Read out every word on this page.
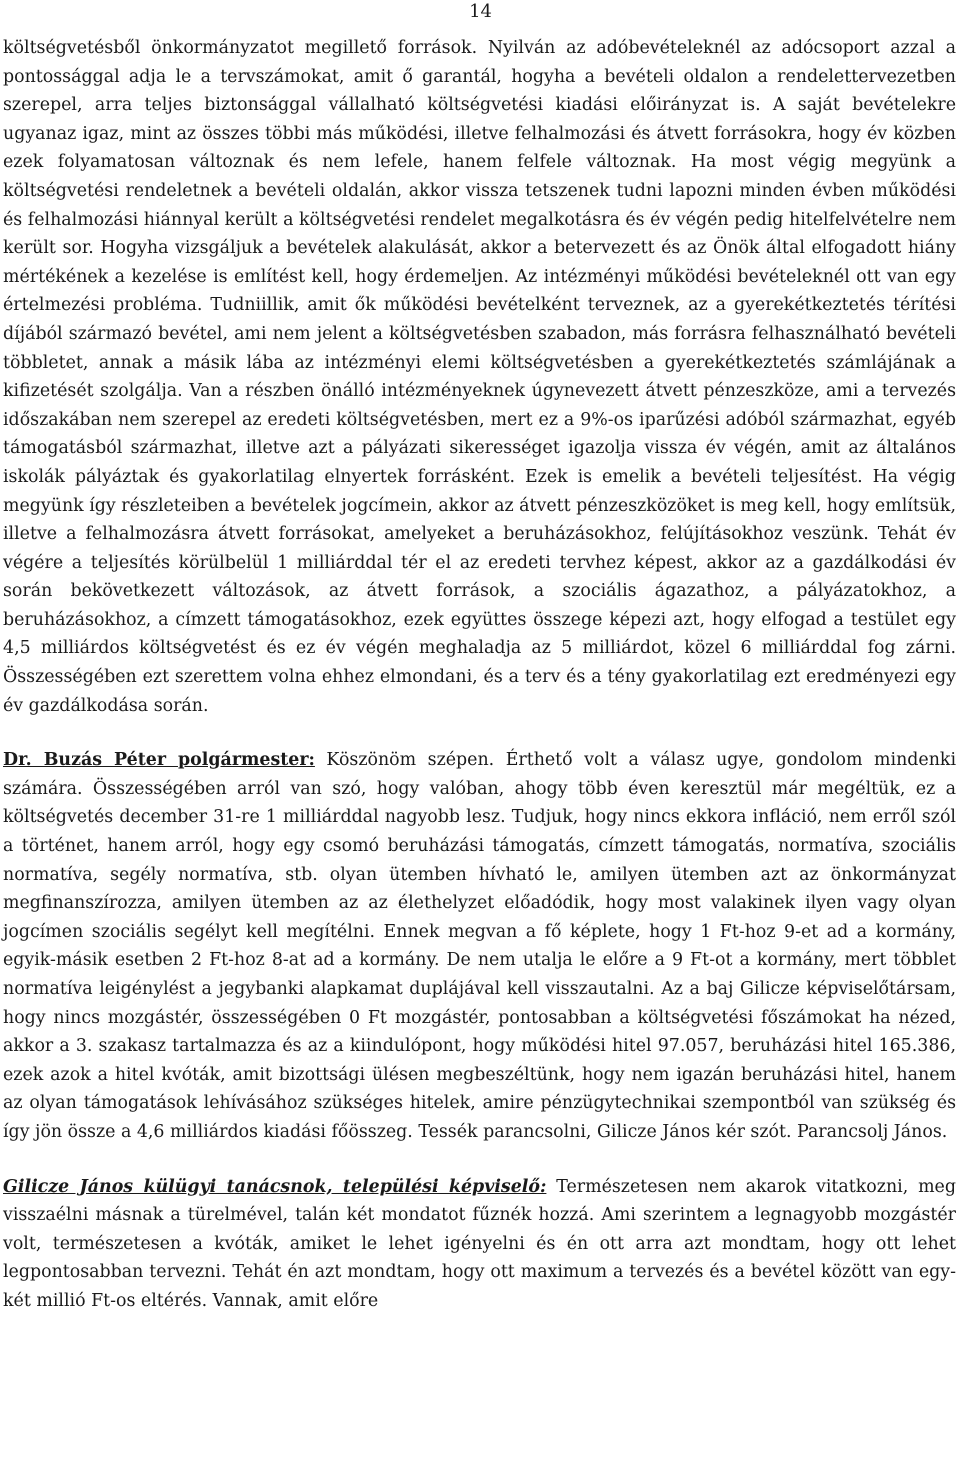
14

költségvetésből önkormányzatot megillető források. Nyilván az adóbevételeknél az adócsoport azzal a pontossággal adja le a tervszámokat, amit ő garantál, hogyha a bevételi oldalon a rendelettervezetben szerepel, arra teljes biztonsággal vállalható költségvetési kiadási előirányzat is. A saját bevételekre ugyanaz igaz, mint az összes többi más működési, illetve felhalmozási és átvett forrásokra, hogy év közben ezek folyamatosan változnak és nem lefele, hanem felfele változnak. Ha most végig megyünk a költségvetési rendeletnek a bevételi oldalán, akkor vissza tetszenek tudni lapozni minden évben működési és felhalmozási hiánnyal került a költségvetési rendelet megalkotásra és év végén pedig hitelfelvételre nem került sor. Hogyha vizsgáljuk a bevételek alakulását, akkor a betervezett és az Önök által elfogadott hiány mértékének a kezelése is említést kell, hogy érdemeljen. Az intézményi működési bevételeknél ott van egy értelmezési probléma. Tudniillik, amit ők működési bevételként terveznek, az a gyerekétkeztetés térítési díjából származó bevétel, ami nem jelent a költségvetésben szabadon, más forrásra felhasználható bevételi többletet, annak a másik lába az intézményi elemi költségvetésben a gyerekétkeztetés számlájának a kifizetését szolgálja. Van a részben önálló intézményeknek úgynevezett átvett pénzeszköze, ami a tervezés időszakában nem szerepel az eredeti költségvetésben, mert ez a 9%-os iparűzési adóból származhat, egyéb támogatásból származhat, illetve azt a pályázati sikerességet igazolja vissza év végén, amit az általános iskolák pályáztak és gyakorlatilag elnyertek forrásként. Ezek is emelik a bevételi teljesítést. Ha végig megyünk így részleteiben a bevételek jogcímein, akkor az átvett pénzeszközöket is meg kell, hogy említsük, illetve a felhalmozásra átvett forrásokat, amelyeket a beruházásokhoz, felújításokhoz veszünk. Tehát év végére a teljesítés körülbelül 1 milliárddal tér el az eredeti tervhez képest, akkor az a gazdálkodási év során bekövetkezett változások, az átvett források, a szociális ágazathoz, a pályázatokhoz, a beruházásokhoz, a címzett támogatásokhoz, ezek együttes összege képezi azt, hogy elfogad a testület egy 4,5 milliárdos költségvetést és ez év végén meghaladja az 5 milliárdot, közel 6 milliárddal fog zárni. Összességében ezt szerettem volna ehhez elmondani, és a terv és a tény gyakorlatilag ezt eredményezi egy év gazdálkodása során.

Dr. Buzás Péter polgármester: Köszönöm szépen. Érthető volt a válasz ugye, gondolom mindenki számára. Összességében arról van szó, hogy valóban, ahogy több éven keresztül már megéltük, ez a költségvetés december 31-re 1 milliárddal nagyobb lesz. Tudjuk, hogy nincs ekkora infláció, nem erről szól a történet, hanem arról, hogy egy csomó beruházási támogatás, címzett támogatás, normatíva, szociális normatíva, segély normatíva, stb. olyan ütemben hívható le, amilyen ütemben azt az önkormányzat megfinanszírozza, amilyen ütemben az az élethelyzet előadódik, hogy most valakinek ilyen vagy olyan jogcímen szociális segélyt kell megítélni. Ennek megvan a fő képlete, hogy 1 Ft-hoz 9-et ad a kormány, egyik-másik esetben 2 Ft-hoz 8-at ad a kormány. De nem utalja le előre a 9 Ft-ot a kormány, mert többlet normatíva leigénylést a jegybanki alapkamat duplájával kell visszautalni. Az a baj Gilicze képviselőtársam, hogy nincs mozgástér, összességében 0 Ft mozgástér, pontosabban a költségvetési főszámokat ha nézed, akkor a 3. szakasz tartalmazza és az a kiindulópont, hogy működési hitel 97.057, beruházási hitel 165.386, ezek azok a hitel kvóták, amit bizottsági ülésen megbeszéltünk, hogy nem igazán beruházási hitel, hanem az olyan támogatások lehívásához szükséges hitelek, amire pénzügytechnikai szempontból van szükség és így jön össze a 4,6 milliárdos kiadási főösszeg. Tessék parancsolni, Gilicze János kér szót. Parancsolj János.

Gilicze János külügyi tanácsnok, települési képviselő: Természetesen nem akarok vitatkozni, meg visszaélni másnak a türelmével, talán két mondatot fűznék hozzá. Ami szerintem a legnagyobb mozgástér volt, természetesen a kvóták, amiket le lehet igényelni és én ott arra azt mondtam, hogy ott lehet legpontosabban tervezni. Tehát én azt mondtam, hogy ott maximum a tervezés és a bevétel között van egy-két millió Ft-os eltérés. Vannak, amit előre
